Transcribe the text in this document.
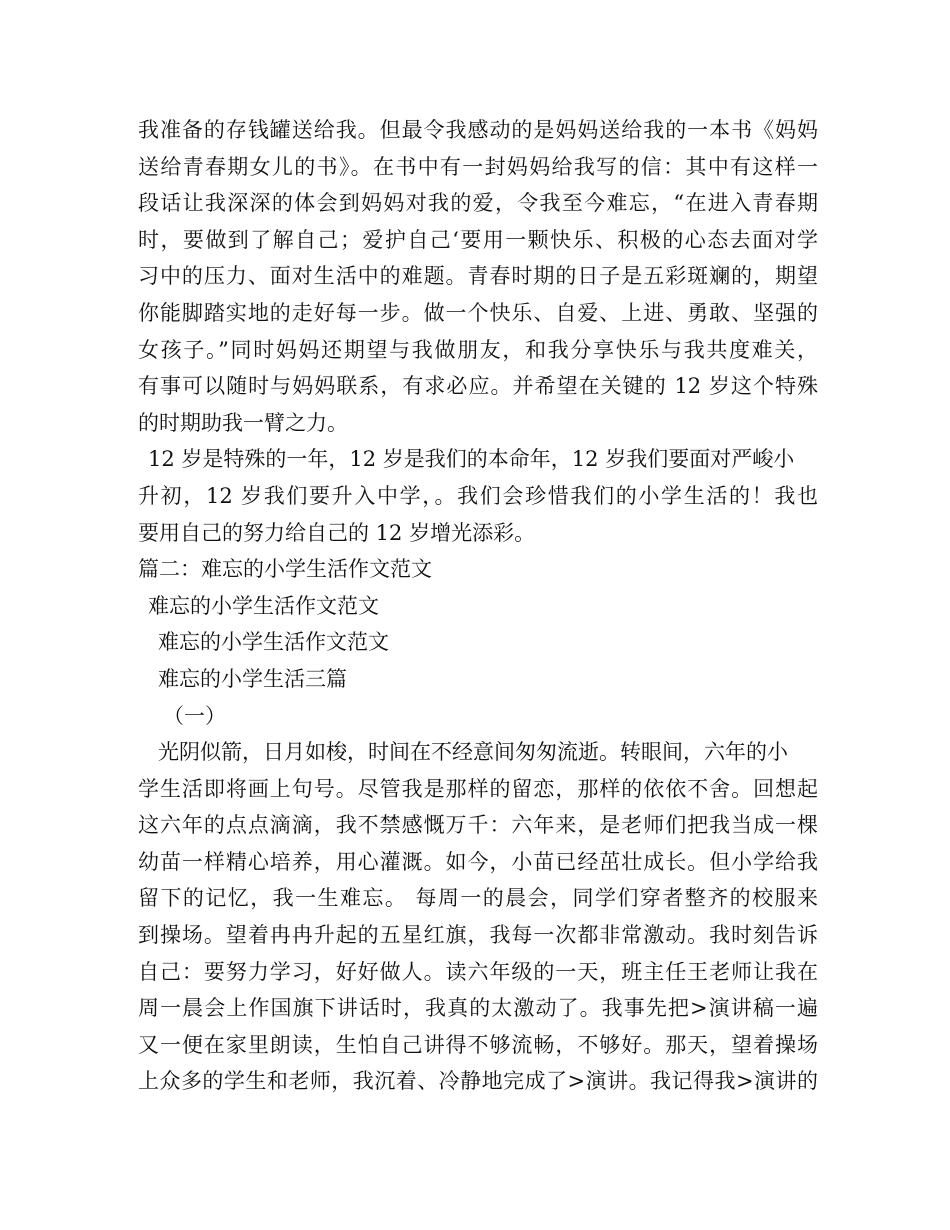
我准备的存钱罐送给我。但最令我感动的是妈妈送给我的一本书《妈妈
送给青春期女儿的书》。在书中有一封妈妈给我写的信：其中有这样一
段话让我深深的体会到妈妈对我的爱，令我至今难忘，“在进入青春期
时，要做到了解自己；爱护自己‘要用一颗快乐、积极的心态去面对学
习中的压力、面对生活中的难题。青春时期的日子是五彩斑斓的，期望
你能脚踏实地的走好每一步。做一个快乐、自爱、上进、勇敢、坚强的
女孩子。”同时妈妈还期望与我做朋友，和我分享快乐与我共度难关，
有事可以随时与妈妈联系，有求必应。并希望在关键的 12 岁这个特殊
的时期助我一臂之力。
12 岁是特殊的一年，12 岁是我们的本命年，12 岁我们要面对严峻小
升初，12 岁我们要升入中学，。我们会珍惜我们的小学生活的！我也
要用自己的努力给自己的 12 岁增光添彩。
篇二：难忘的小学生活作文范文
难忘的小学生活作文范文
难忘的小学生活作文范文
难忘的小学生活三篇
（一）
光阴似箭，日月如梭，时间在不经意间匆匆流逝。转眼间，六年的小
学生活即将画上句号。尽管我是那样的留恋，那样的依依不舍。回想起
这六年的点点滴滴，我不禁感慨万千：六年来，是老师们把我当成一棵
幼苗一样精心培养，用心灌溉。如今，小苗已经茁壮成长。但小学给我
留下的记忆，我一生难忘。 每周一的晨会，同学们穿者整齐的校服来
到操场。望着冉冉升起的五星红旗，我每一次都非常激动。我时刻告诉
自己：要努力学习，好好做人。读六年级的一天，班主任王老师让我在
周一晨会上作国旗下讲话时，我真的太激动了。我事先把>演讲稿一遍
又一便在家里朗读，生怕自己讲得不够流畅，不够好。那天，望着操场
上众多的学生和老师，我沉着、冷静地完成了>演讲。我记得我>演讲的
